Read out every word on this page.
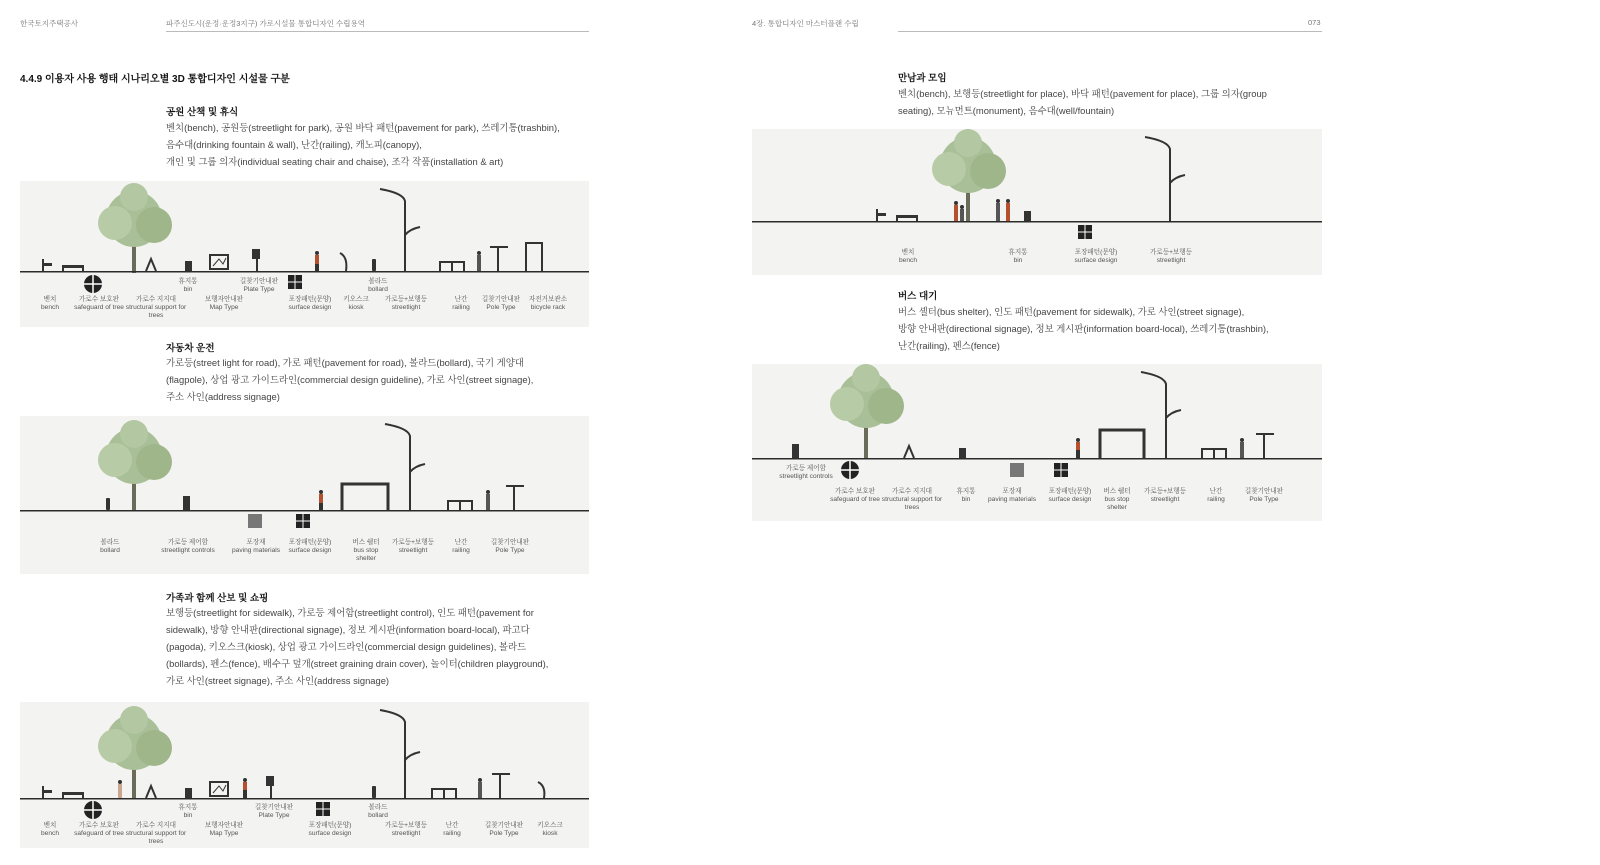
한국토지주택공사	파주신도시(운정·운정3지구) 가로시설물 통합디자인 수립용역	4장. 통합디자인 마스터플랜 수립	073
4.4.9 이용자 사용 행태 시나리오별 3D 통합디자인 시설물 구분
공원 산책 및 휴식
벤치(bench), 공원등(streetlight for park), 공원 바닥 패턴(pavement for park), 쓰레기통(trashbin),
음수대(drinking fountain & wall), 난간(railing), 캐노피(canopy),
개인 및 그룹 의자(individual seating chair and chaise), 조각 작품(installation & art)
벤치
bench
가로수 보호판
safeguard of tree
가로수 지지대
structural support for trees
휴지통
bin
보행자안내판
Map Type
길찾기안내판
Plate Type
포장패턴(문양)
surface design
키오스크
kiosk
볼라드
bollard
가로등+보행등
streetlight
난간
railing
길찾기안내판
Pole Type
자전거보관소
bicycle rack
자동차 운전
가로등(street light for road), 가로 패턴(pavement for road), 볼라드(bollard), 국기 게양대
(flagpole), 상업 광고 가이드라인(commercial design guideline), 가로 사인(street signage),
주소 사인(address signage)
볼라드
bollard
가로등 제어함
streetlight controls
포장재
paving materials
포장패턴(문양)
surface design
버스 쉘터
bus stop shelter
가로등+보행등
streetlight
난간
railing
길찾기안내판
Pole Type
가족과 함께 산보 및 쇼핑
보행등(streetlight for sidewalk), 가로등 제어함(streetlight control), 인도 패턴(pavement for
sidewalk), 방향 안내판(directional signage), 정보 게시판(information board-local), 파고다
(pagoda), 키오스크(kiosk), 상업 광고 가이드라인(commercial design guidelines), 볼라드
(bollards), 펜스(fence), 배수구 덮개(street graining drain cover), 놀이터(children playground),
가로 사인(street signage), 주소 사인(address signage)
벤치
bench
가로수 보호판
safeguard of tree
가로수 지지대
structural support for trees
휴지통
bin
보행자안내판
Map Type
길찾기안내판
Plate Type
포장패턴(문양)
surface design
볼라드
bollard
가로등+보행등
streetlight
난간
railing
길찾기안내판
Pole Type
키오스크
kiosk
만남과 모임
벤치(bench), 보행등(streetlight for place), 바닥 패턴(pavement for place), 그룹 의자(group
seating), 모뉴먼트(monument), 음수대(well/fountain)
벤치
bench
휴지통
bin
포장패턴(문양)
surface design
가로등+보행등
streetlight
버스 대기
버스 셸터(bus shelter), 인도 패턴(pavement for sidewalk), 가로 사인(street signage),
방향 안내판(directional signage), 정보 게시판(information board-local), 쓰레기통(trashbin),
난간(railing), 펜스(fence)
가로등 제어함
streetlight controls
가로수 보호판
safeguard of tree
가로수 지지대
structural support for trees
휴지통
bin
포장재
paving materials
포장패턴(문양)
surface design
버스 쉘터
bus stop shelter
가로등+보행등
streetlight
난간
railing
길찾기안내판
Pole Type
